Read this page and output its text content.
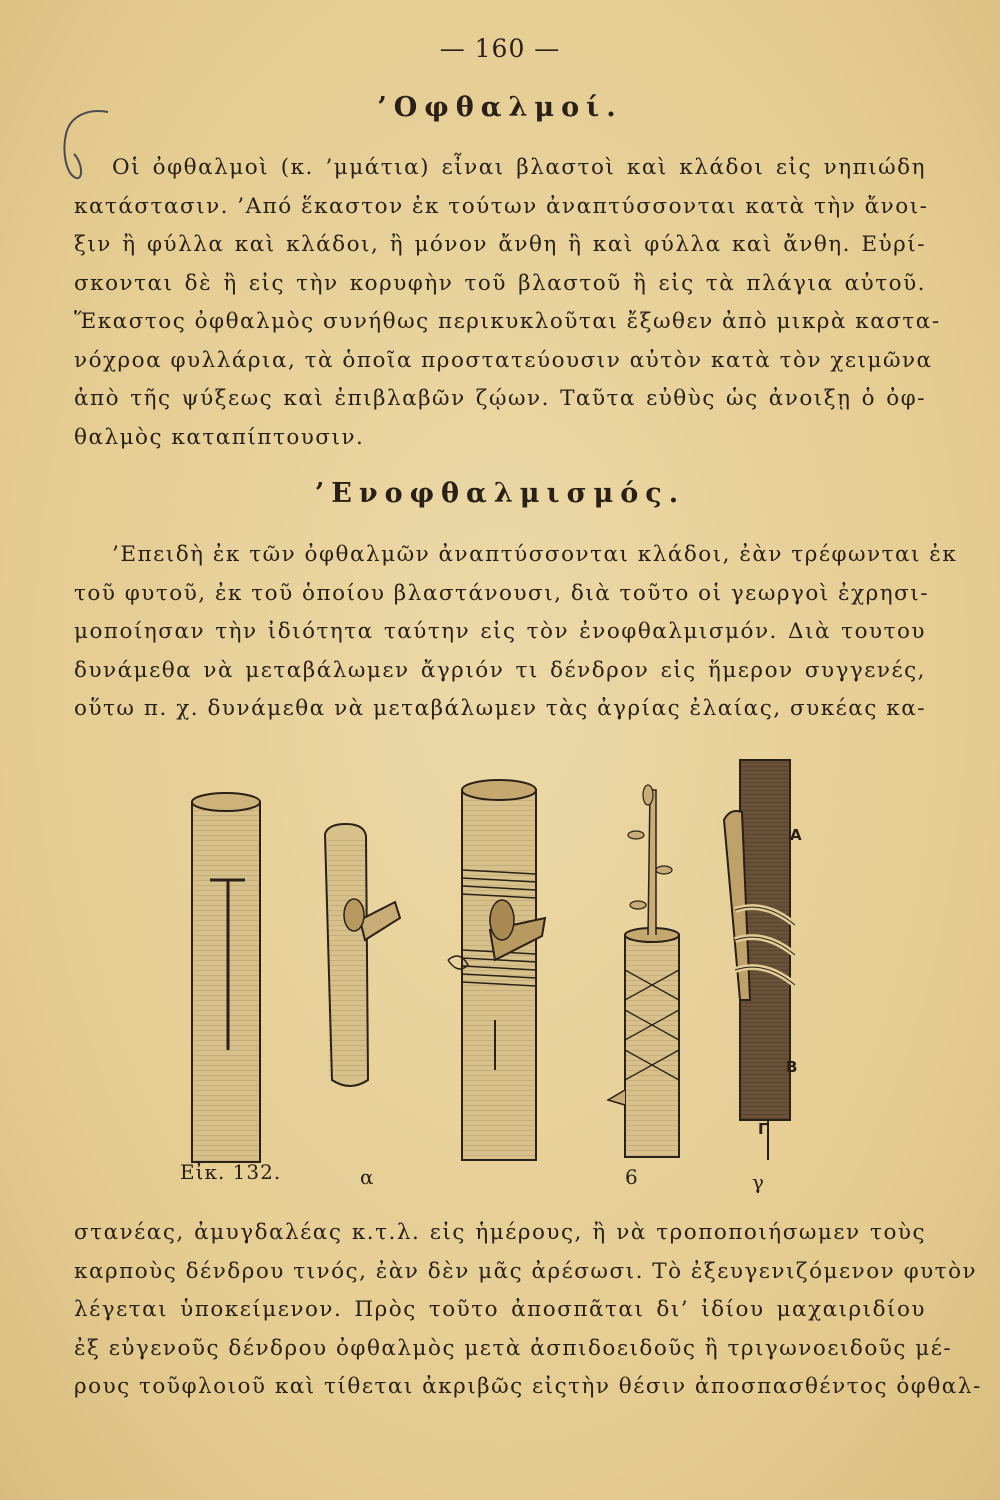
— 160 —
’Οφθαλμοί.
Οἱ ὀφθαλμοὶ (κ. ’μμάτια) εἶναι βλαστοὶ καὶ κλάδοι εἰς νηπιώδη
κατάστασιν. ’Από ἕκαστον ἐκ τούτων ἀναπτύσσονται κατὰ τὴν ἄνοι-
ξιν ἢ φύλλα καὶ κλάδοι, ἢ μόνον ἄνθη ἢ καὶ φύλλα καὶ ἄνθη. Εὑρί-
σκονται δὲ ἢ εἰς τὴν κορυφὴν τοῦ βλαστοῦ ἢ εἰς τὰ πλάγια αὐτοῦ.
Ἕκαστος ὀφθαλμὸς συνήθως περικυκλοῦται ἔξωθεν ἀπὸ μικρὰ καστα-
νόχροα φυλλάρια, τὰ ὁποῖα προστατεύουσιν αὐτὸν κατὰ τὸν χειμῶνα
ἀπὸ τῆς ψύξεως καὶ ἐπιβλαβῶν ζῴων. Ταῦτα εὐθὺς ὡς ἀνοιξῃ ὁ ὀφ-
θαλμὸς καταπίπτουσιν.
’Ενοφθαλμισμός.
’Επειδὴ ἐκ τῶν ὀφθαλμῶν ἀναπτύσσονται κλάδοι, ἐὰν τρέφωνται ἐκ
τοῦ φυτοῦ, ἐκ τοῦ ὁποίου βλαστάνουσι, διὰ τοῦτο οἱ γεωργοὶ ἐχρησι-
μοποίησαν τὴν ἰδιότητα ταύτην εἰς τὸν ἐνοφθαλμισμόν. Διὰ τουτου
δυνάμεθα νὰ μεταβάλωμεν ἄγριόν τι δένδρον εἰς ἥμερον συγγενές,
οὕτω π. χ. δυνάμεθα νὰ μεταβάλωμεν τὰς ἀγρίας ἐλαίας, συκέας κα-
A
B
Γ
Εἰκ. 132.	α	6	γ
στανέας, ἀμυγδαλέας κ.τ.λ. εἰς ἡμέρους, ἢ νὰ τροποποιήσωμεν τοὺς
καρποὺς δένδρου τινός, ἐὰν δὲν μᾶς ἀρέσωσι. Τὸ ἐξευγενιζόμενον φυτὸν
λέγεται ὑποκείμενον. Πρὸς τοῦτο ἀποσπᾶται δι’ ἰδίου μαχαιριδίου
ἐξ εὐγενοῦς δένδρου ὀφθαλμὸς μετὰ ἀσπιδοειδοῦς ἢ τριγωνοειδοῦς μέ-
ρους τοῦφλοιοῦ καὶ τίθεται ἀκριβῶς εἰςτὴν θέσιν ἀποσπασθέντος ὀφθαλ-
